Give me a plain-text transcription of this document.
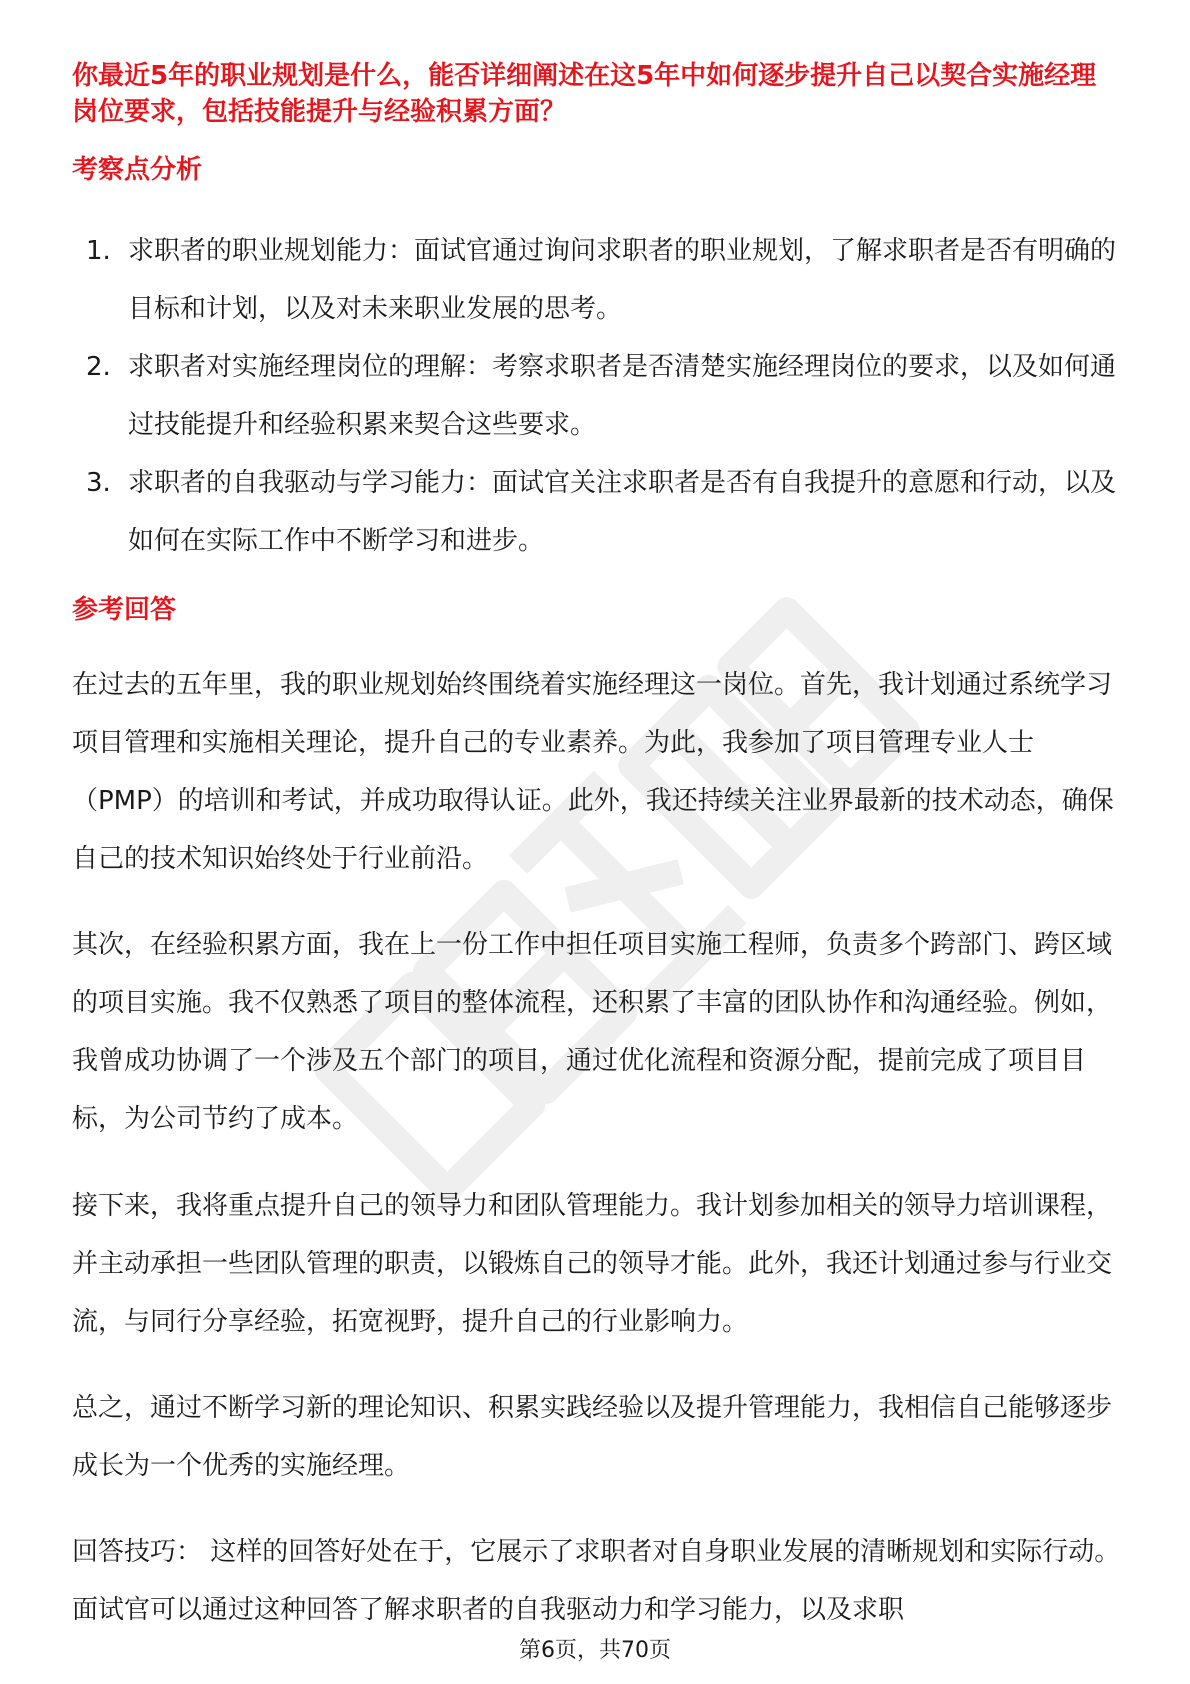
你最近5年的职业规划是什么，能否详细阐述在这5年中如何逐步提升自己以契合实施经理岗位要求，包括技能提升与经验积累方面？

考察点分析
1. 求职者的职业规划能力：面试官通过询问求职者的职业规划，了解求职者是否有明确的目标和计划，以及对未来职业发展的思考。
2. 求职者对实施经理岗位的理解：考察求职者是否清楚实施经理岗位的要求，以及如何通过技能提升和经验积累来契合这些要求。
3. 求职者的自我驱动与学习能力：面试官关注求职者是否有自我提升的意愿和行动，以及如何在实际工作中不断学习和进步。
参考回答

在过去的五年里，我的职业规划始终围绕着实施经理这一岗位。首先，我计划通过系统学习项目管理和实施相关理论，提升自己的专业素养。为此，我参加了项目管理专业人士（PMP）的培训和考试，并成功取得认证。此外，我还持续关注业界最新的技术动态，确保自己的技术知识始终处于行业前沿。

其次，在经验积累方面，我在上一份工作中担任项目实施工程师，负责多个跨部门、跨区域的项目实施。我不仅熟悉了项目的整体流程，还积累了丰富的团队协作和沟通经验。例如，我曾成功协调了一个涉及五个部门的项目，通过优化流程和资源分配，提前完成了项目目标，为公司节约了成本。

接下来，我将重点提升自己的领导力和团队管理能力。我计划参加相关的领导力培训课程，并主动承担一些团队管理的职责，以锻炼自己的领导才能。此外，我还计划通过参与行业交流，与同行分享经验，拓宽视野，提升自己的行业影响力。

总之，通过不断学习新的理论知识、积累实践经验以及提升管理能力，我相信自己能够逐步成长为一个优秀的实施经理。

回答技巧： 这样的回答好处在于，它展示了求职者对自身职业发展的清晰规划和实际行动。面试官可以通过这种回答了解求职者的自我驱动力和学习能力，以及求职

第6页，共70页
